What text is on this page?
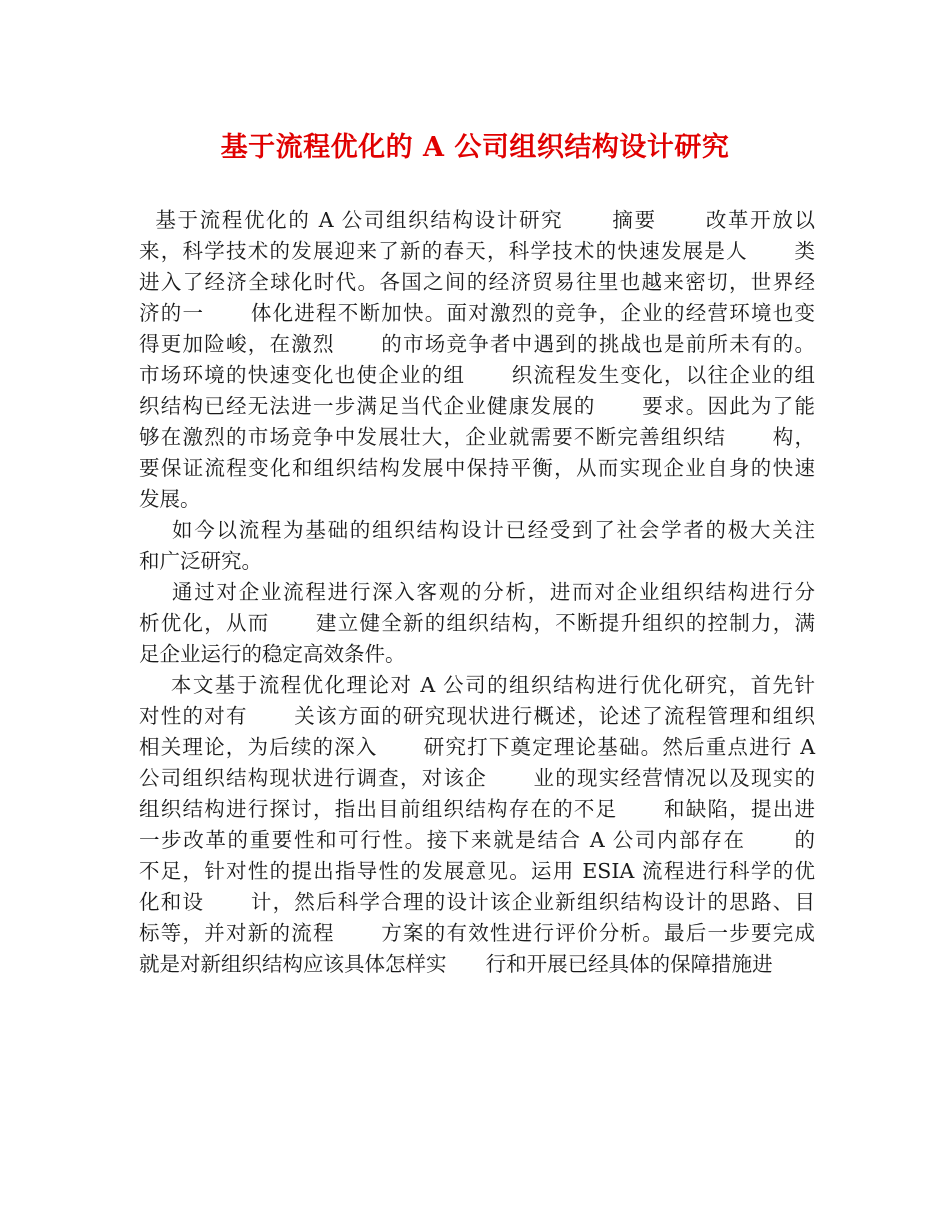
基于流程优化的 A 公司组织结构设计研究

基于流程优化的 A 公司组织结构设计研究      摘要      改革开放以
来，科学技术的发展迎来了新的春天，科学技术的快速发展是人      类
进入了经济全球化时代。各国之间的经济贸易往里也越来密切，世界经
济的一      体化进程不断加快。面对激烈的竞争，企业的经营环境也变
得更加险峻，在激烈      的市场竞争者中遇到的挑战也是前所未有的。
市场环境的快速变化也使企业的组      织流程发生变化，以往企业的组
织结构已经无法进一步满足当代企业健康发展的      要求。因此为了能
够在激烈的市场竞争中发展壮大，企业就需要不断完善组织结      构，
要保证流程变化和组织结构发展中保持平衡，从而实现企业自身的快速
发展。

如今以流程为基础的组织结构设计已经受到了社会学者的极大关注
和广泛研究。

通过对企业流程进行深入客观的分析，进而对企业组织结构进行分
析优化，从而      建立健全新的组织结构，不断提升组织的控制力，满
足企业运行的稳定高效条件。

本文基于流程优化理论对 A 公司的组织结构进行优化研究，首先针
对性的对有      关该方面的研究现状进行概述，论述了流程管理和组织
相关理论，为后续的深入      研究打下奠定理论基础。然后重点进行 A
公司组织结构现状进行调查，对该企      业的现实经营情况以及现实的
组织结构进行探讨，指出目前组织结构存在的不足      和缺陷，提出进
一步改革的重要性和可行性。接下来就是结合 A 公司内部存在      的
不足，针对性的提出指导性的发展意见。运用 ESIA 流程进行科学的优
化和设      计，然后科学合理的设计该企业新组织结构设计的思路、目
标等，并对新的流程      方案的有效性进行评价分析。最后一步要完成
就是对新组织结构应该具体怎样实      行和开展已经具体的保障措施进
